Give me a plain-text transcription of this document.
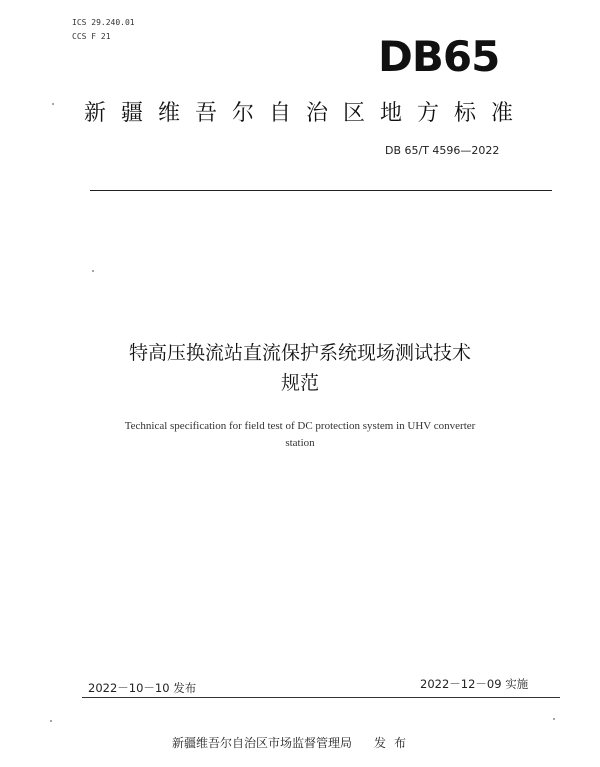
ICS 29.240.01
CCS F 21	DB65
新疆维吾尔自治区地方标准
DB 65/T 4596—2022
特高压换流站直流保护系统现场测试技术
规范
Technical specification for field test of DC protection system in UHV converter
station
2022－10－10 发布	2022－12－09 实施
新疆维吾尔自治区市场监督管理局 发布
